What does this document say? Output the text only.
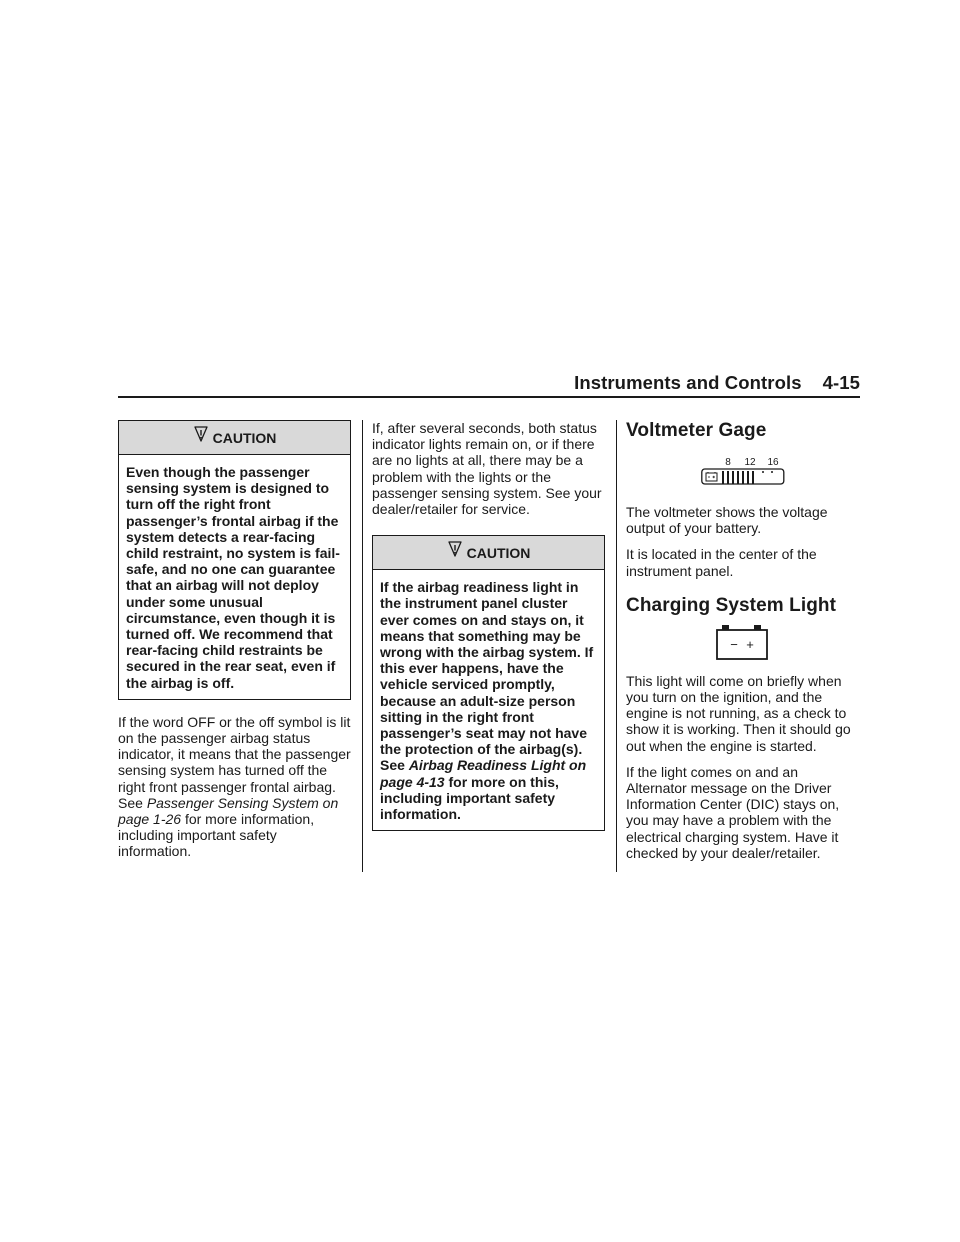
Instruments and Controls 4-15
CAUTION

Even though the passenger sensing system is designed to turn off the right front passenger’s frontal airbag if the system detects a rear-facing child restraint, no system is fail-safe, and no one can guarantee that an airbag will not deploy under some unusual circumstance, even though it is turned off. We recommend that rear-facing child restraints be secured in the rear seat, even if the airbag is off.

If the word OFF or the off symbol is lit on the passenger airbag status indicator, it means that the passenger sensing system has turned off the right front passenger frontal airbag. See Passenger Sensing System on page 1-26 for more information, including important safety information.

If, after several seconds, both status indicator lights remain on, or if there are no lights at all, there may be a problem with the lights or the passenger sensing system. See your dealer/retailer for service.

CAUTION

If the airbag readiness light in the instrument panel cluster ever comes on and stays on, it means that something may be wrong with the airbag system. If this ever happens, have the vehicle serviced promptly, because an adult-size person sitting in the right front passenger’s seat may not have the protection of the airbag(s). See Airbag Readiness Light on page 4-13 for more on this, including important safety information.

Voltmeter Gage
8 12 16

The voltmeter shows the voltage output of your battery.

It is located in the center of the instrument panel.

Charging System Light
− +

This light will come on briefly when you turn on the ignition, and the engine is not running, as a check to show it is working. Then it should go out when the engine is started.

If the light comes on and an Alternator message on the Driver Information Center (DIC) stays on, you may have a problem with the electrical charging system. Have it checked by your dealer/retailer.
